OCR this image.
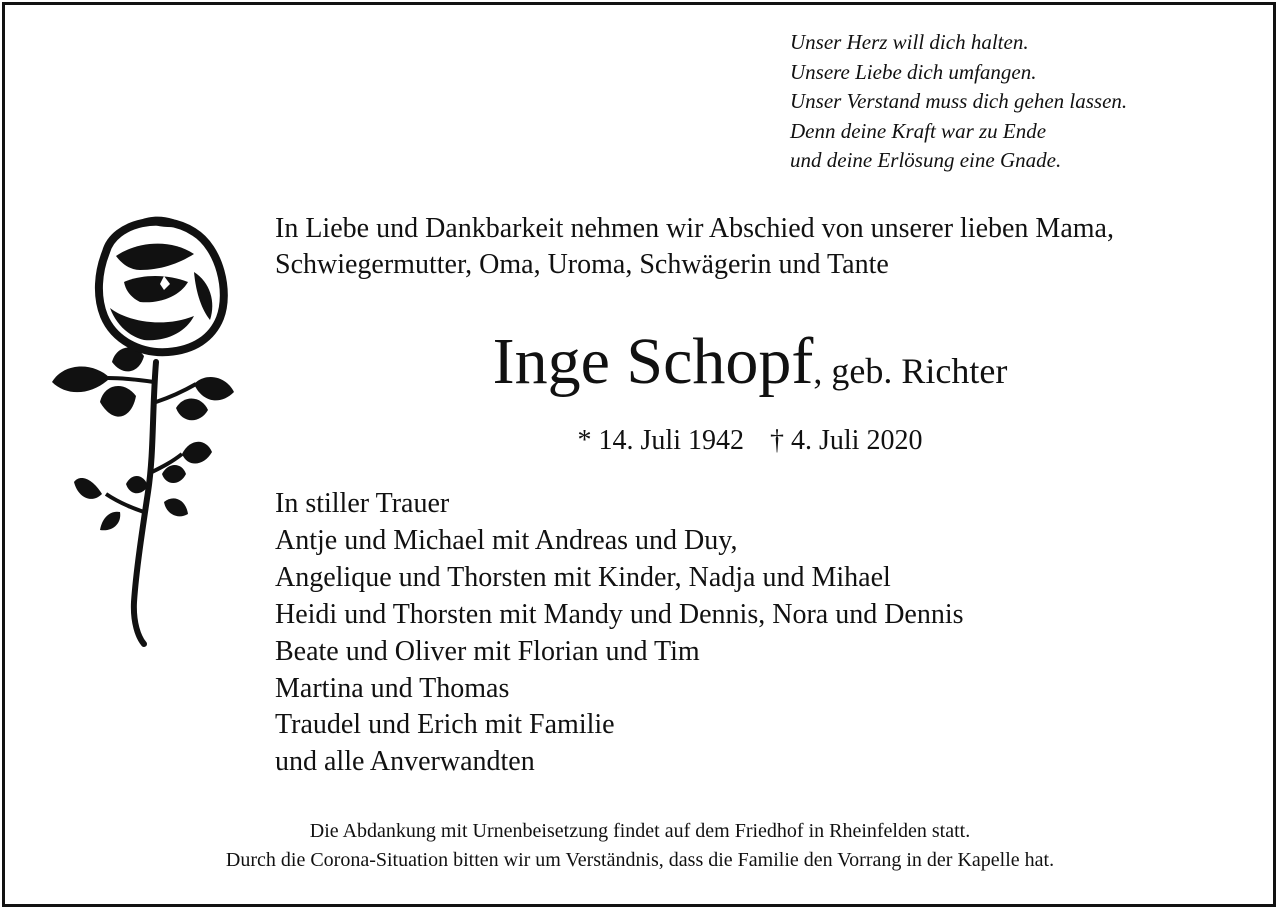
Unser Herz will dich halten.
Unsere Liebe dich umfangen.
Unser Verstand muss dich gehen lassen.
Denn deine Kraft war zu Ende
und deine Erlösung eine Gnade.
In Liebe und Dankbarkeit nehmen wir Abschied von unserer lieben Mama,
Schwiegermutter, Oma, Uroma, Schwägerin und Tante
Inge Schopf, geb. Richter
* 14. Juli 1942 † 4. Juli 2020
In stiller Trauer
Antje und Michael mit Andreas und Duy,
Angelique und Thorsten mit Kinder, Nadja und Mihael
Heidi und Thorsten mit Mandy und Dennis, Nora und Dennis
Beate und Oliver mit Florian und Tim
Martina und Thomas
Traudel und Erich mit Familie
und alle Anverwandten
Die Abdankung mit Urnenbeisetzung findet auf dem Friedhof in Rheinfelden statt.
Durch die Corona-Situation bitten wir um Verständnis, dass die Familie den Vorrang in der Kapelle hat.
